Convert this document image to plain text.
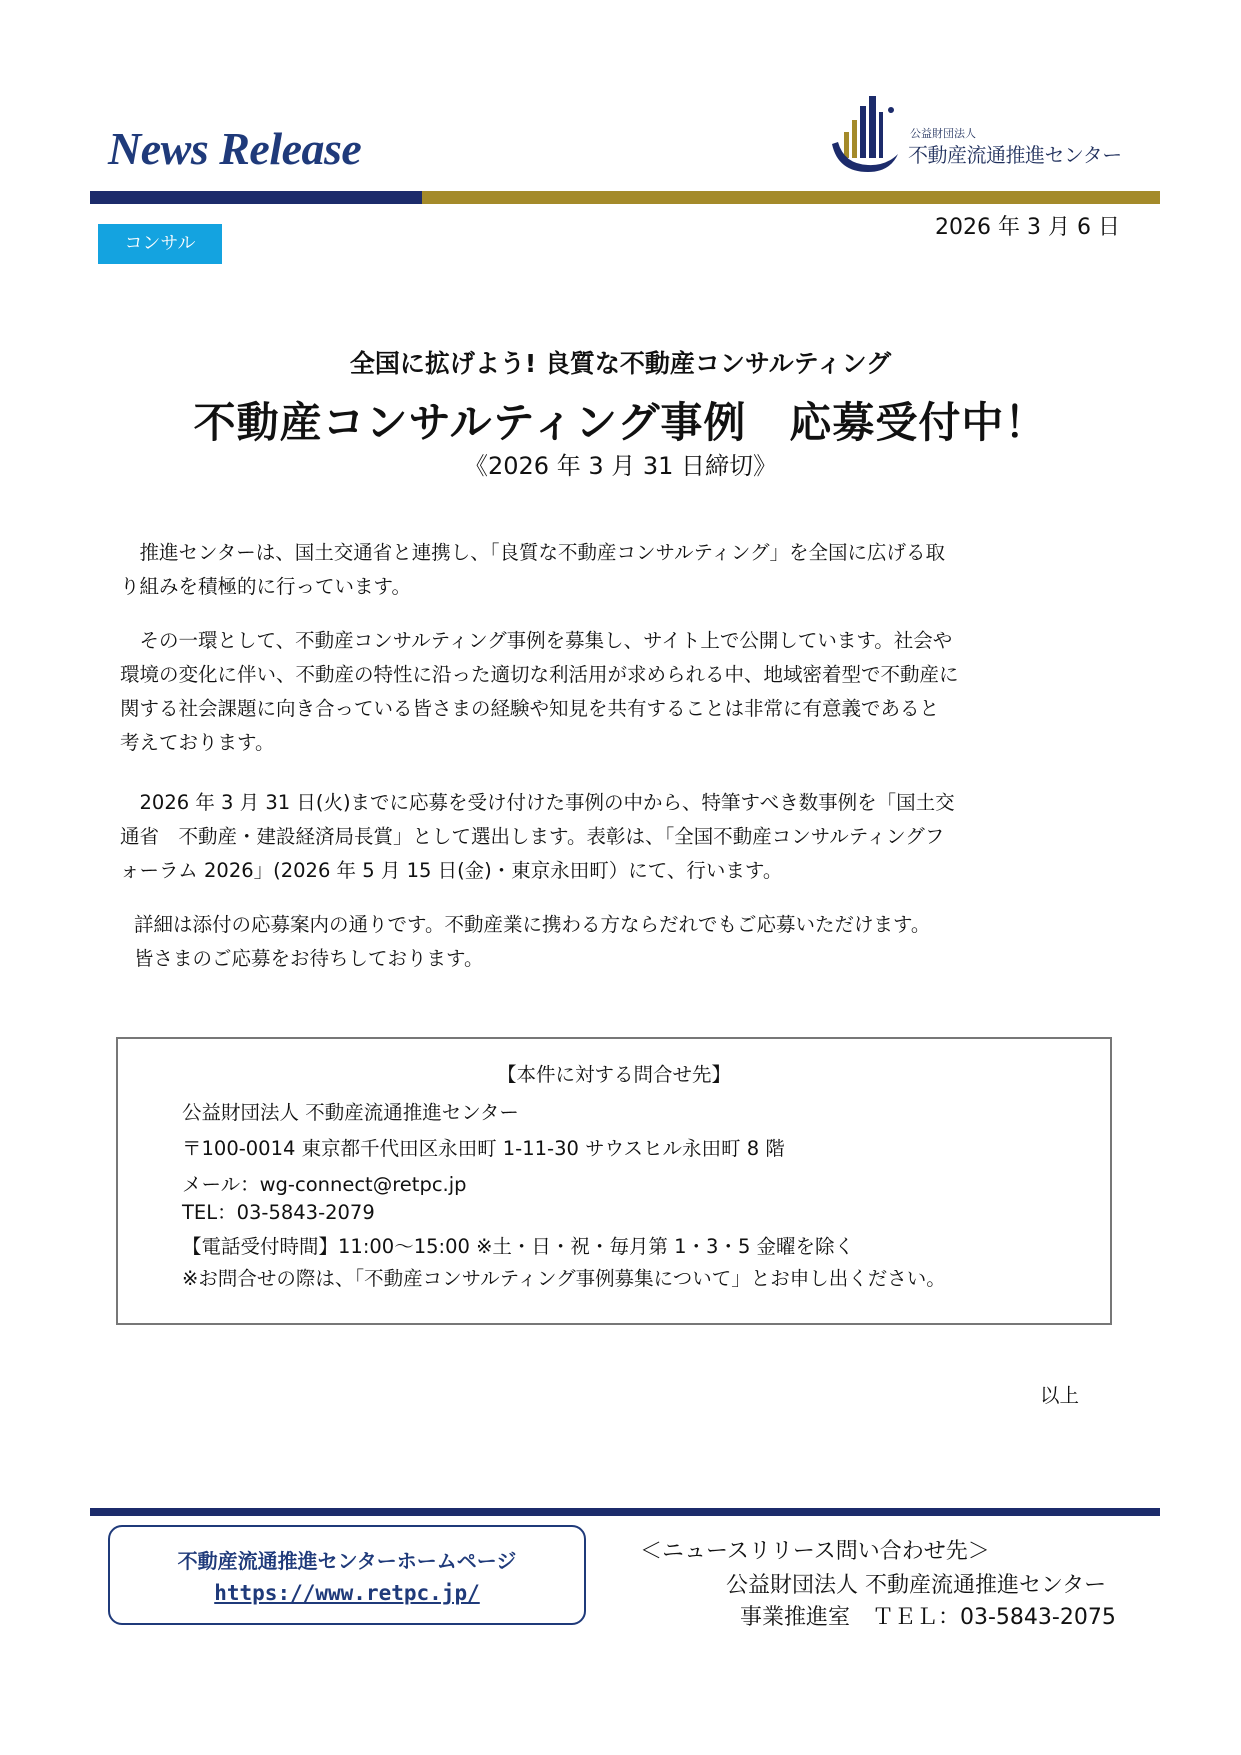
News Release	公益財団法人
不動産流通推進センター
2026 年 3 月 6 日
コンサル
全国に拡げよう! 良質な不動産コンサルティング
不動産コンサルティング事例　応募受付中！
《2026 年 3 月 31 日締切》

　推進センターは、国土交通省と連携し、「良質な不動産コンサルティング」を全国に広げる取

り組みを積極的に行っています。

　その一環として、不動産コンサルティング事例を募集し、サイト上で公開しています。社会や

環境の変化に伴い、不動産の特性に沿った適切な利活用が求められる中、地域密着型で不動産に

関する社会課題に向き合っている皆さまの経験や知見を共有することは非常に有意義であると

考えております。

　2026 年 3 月 31 日(火)までに応募を受け付けた事例の中から、特筆すべき数事例を「国土交

通省　不動産・建設経済局長賞」として選出します。表彰は、「全国不動産コンサルティングフ

ォーラム 2026」(2026 年 5 月 15 日(金)・東京永田町）にて、行います。

詳細は添付の応募案内の通りです。不動産業に携わる方ならだれでもご応募いただけます。

皆さまのご応募をお待ちしております。

【本件に対する問合せ先】
公益財団法人 不動産流通推進センター
〒100-0014 東京都千代田区永田町 1-11-30 サウスヒル永田町 8 階
メール：wg-connect@retpc.jp
TEL：03-5843-2079
【電話受付時間】11:00～15:00 ※土・日・祝・毎月第 1・3・5 金曜を除く
※お問合せの際は、「不動産コンサルティング事例募集について」とお申し出ください。
以上
不動産流通推進センターホームページ
https://www.retpc.jp/
＜ニュースリリース問い合わせ先＞
公益財団法人 不動産流通推進センター
事業推進室　ＴＥＬ：03-5843-2075
